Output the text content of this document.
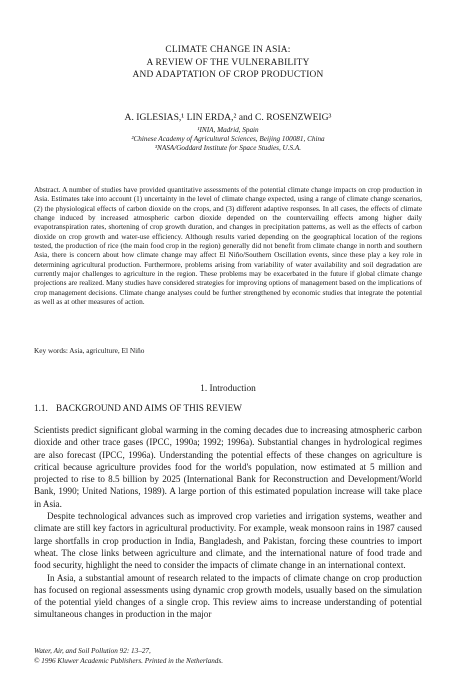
CLIMATE CHANGE IN ASIA:
A REVIEW OF THE VULNERABILITY
AND ADAPTATION OF CROP PRODUCTION
A. IGLESIAS,¹ LIN ERDA,² and C. ROSENZWEIG³
¹INIA, Madrid, Spain
²Chinese Academy of Agricultural Sciences, Beijing 100081, China
³NASA/Goddard Institute for Space Studies, U.S.A.
Abstract. A number of studies have provided quantitative assessments of the potential climate change impacts on crop production in Asia. Estimates take into account (1) uncertainty in the level of climate change expected, using a range of climate change scenarios, (2) the physiological effects of carbon dioxide on the crops, and (3) different adaptive responses. In all cases, the effects of climate change induced by increased atmospheric carbon dioxide depended on the countervailing effects among higher daily evapotranspiration rates, shortening of crop growth duration, and changes in precipitation patterns, as well as the effects of carbon dioxide on crop growth and water-use efficiency. Although results varied depending on the geographical location of the regions tested, the production of rice (the main food crop in the region) generally did not benefit from climate change in north and southern Asia, there is concern about how climate change may affect El Niño/Southern Oscillation events, since these play a key role in determining agricultural production. Furthermore, problems arising from variability of water availability and soil degradation are currently major challenges to agriculture in the region. These problems may be exacerbated in the future if global climate change projections are realized. Many studies have considered strategies for improving options of management based on the implications of crop management decisions. Climate change analyses could be further strengthened by economic studies that integrate the potential as well as at other measures of action.
Key words: Asia, agriculture, El Niño
1. Introduction
1.1. BACKGROUND AND AIMS OF THIS REVIEW

Scientists predict significant global warming in the coming decades due to increasing atmospheric carbon dioxide and other trace gases (IPCC, 1990a; 1992; 1996a). Substantial changes in hydrological regimes are also forecast (IPCC, 1996a). Understanding the potential effects of these changes on agriculture is critical because agriculture provides food for the world's population, now estimated at 5 million and projected to rise to 8.5 billion by 2025 (International Bank for Reconstruction and Development/World Bank, 1990; United Nations, 1989). A large portion of this estimated population increase will take place in Asia.

Despite technological advances such as improved crop varieties and irrigation systems, weather and climate are still key factors in agricultural productivity. For example, weak monsoon rains in 1987 caused large shortfalls in crop production in India, Bangladesh, and Pakistan, forcing these countries to import wheat. The close links between agriculture and climate, and the international nature of food trade and food security, highlight the need to consider the impacts of climate change in an international context.

In Asia, a substantial amount of research related to the impacts of climate change on crop production has focused on regional assessments using dynamic crop growth models, usually based on the simulation of the potential yield changes of a single crop. This review aims to increase understanding of potential simultaneous changes in production in the major

Water, Air, and Soil Pollution 92: 13–27,
© 1996 Kluwer Academic Publishers. Printed in the Netherlands.
